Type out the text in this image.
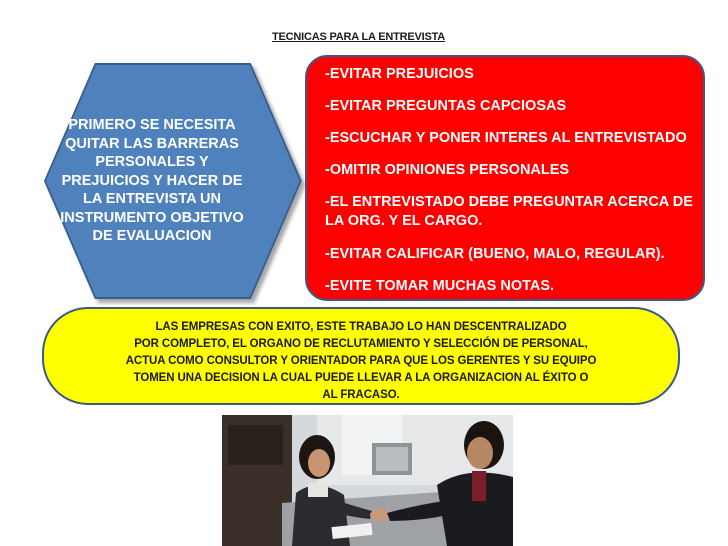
TECNICAS PARA LA ENTREVISTA
PRIMERO SE NECESITA
QUITAR LAS BARRERAS
PERSONALES Y
PREJUICIOS Y HACER DE
LA ENTREVISTA UN
INSTRUMENTO OBJETIVO
DE EVALUACION
-EVITAR PREJUICIOS
-EVITAR PREGUNTAS CAPCIOSAS
-ESCUCHAR Y PONER INTERES AL ENTREVISTADO
-OMITIR OPINIONES PERSONALES
-EL ENTREVISTADO DEBE PREGUNTAR ACERCA DE LA ORG. Y EL CARGO.
-EVITAR CALIFICAR (BUENO, MALO, REGULAR).
-EVITE TOMAR MUCHAS NOTAS.
LAS EMPRESAS CON EXITO, ESTE TRABAJO LO HAN DESCENTRALIZADO
POR COMPLETO, EL ORGANO DE RECLUTAMIENTO Y SELECCIÓN DE PERSONAL,
ACTUA COMO CONSULTOR Y ORIENTADOR PARA QUE LOS GERENTES Y SU EQUIPO
TOMEN UNA DECISION LA CUAL PUEDE LLEVAR A LA ORGANIZACION AL ÉXITO O
AL FRACASO.
